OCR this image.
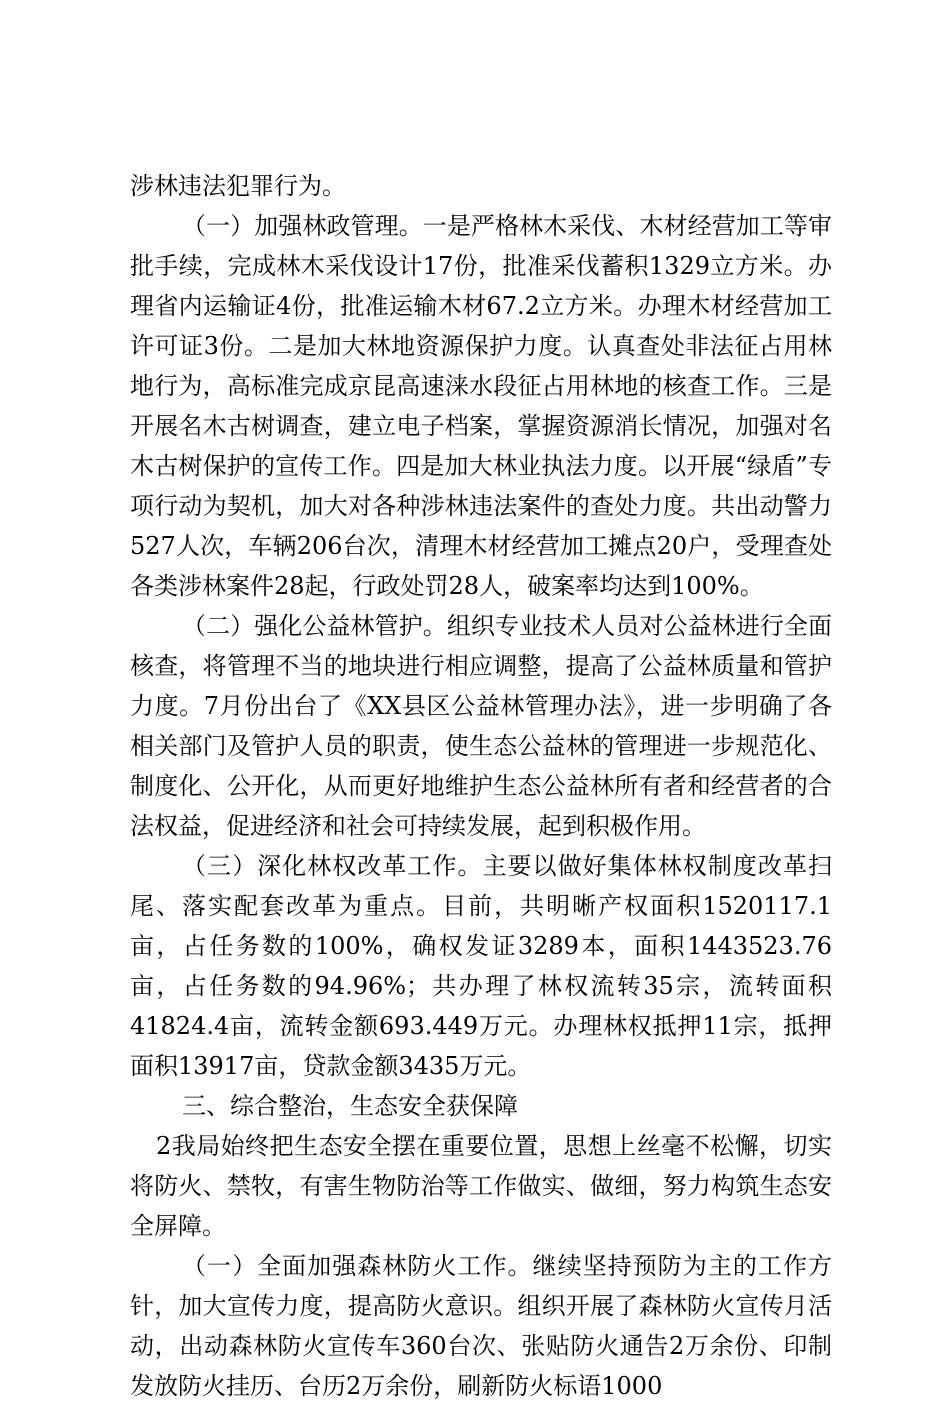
涉林违法犯罪行为。

（一）加强林政管理。一是严格林木采伐、木材经营加工等审批手续，完成林木采伐设计17份，批准采伐蓄积1329立方米。办理省内运输证4份，批准运输木材67.2立方米。办理木材经营加工许可证3份。二是加大林地资源保护力度。认真查处非法征占用林地行为，高标准完成京昆高速涞水段征占用林地的核查工作。三是开展名木古树调查，建立电子档案，掌握资源消长情况，加强对名木古树保护的宣传工作。四是加大林业执法力度。以开展“绿盾”专项行动为契机，加大对各种涉林违法案件的查处力度。共出动警力527人次，车辆206台次，清理木材经营加工摊点20户，受理查处各类涉林案件28起，行政处罚28人，破案率均达到100%。

（二）强化公益林管护。组织专业技术人员对公益林进行全面核查，将管理不当的地块进行相应调整，提高了公益林质量和管护力度。7月份出台了《XX县区公益林管理办法》，进一步明确了各相关部门及管护人员的职责，使生态公益林的管理进一步规范化、制度化、公开化，从而更好地维护生态公益林所有者和经营者的合法权益，促进经济和社会可持续发展，起到积极作用。

（三）深化林权改革工作。主要以做好集体林权制度改革扫尾、落实配套改革为重点。目前，共明晰产权面积1520117.1亩，占任务数的100%，确权发证3289本，面积1443523.76亩，占任务数的94.96%；共办理了林权流转35宗，流转面积41824.4亩，流转金额693.449万元。办理林权抵押11宗，抵押面积13917亩，贷款金额3435万元。

三、综合整治，生态安全获保障

2我局始终把生态安全摆在重要位置，思想上丝毫不松懈，切实将防火、禁牧，有害生物防治等工作做实、做细，努力构筑生态安全屏障。

（一）全面加强森林防火工作。继续坚持预防为主的工作方针，加大宣传力度，提高防火意识。组织开展了森林防火宣传月活动，出动森林防火宣传车360台次、张贴防火通告2万余份、印制发放防火挂历、台历2万余份，刷新防火标语1000
